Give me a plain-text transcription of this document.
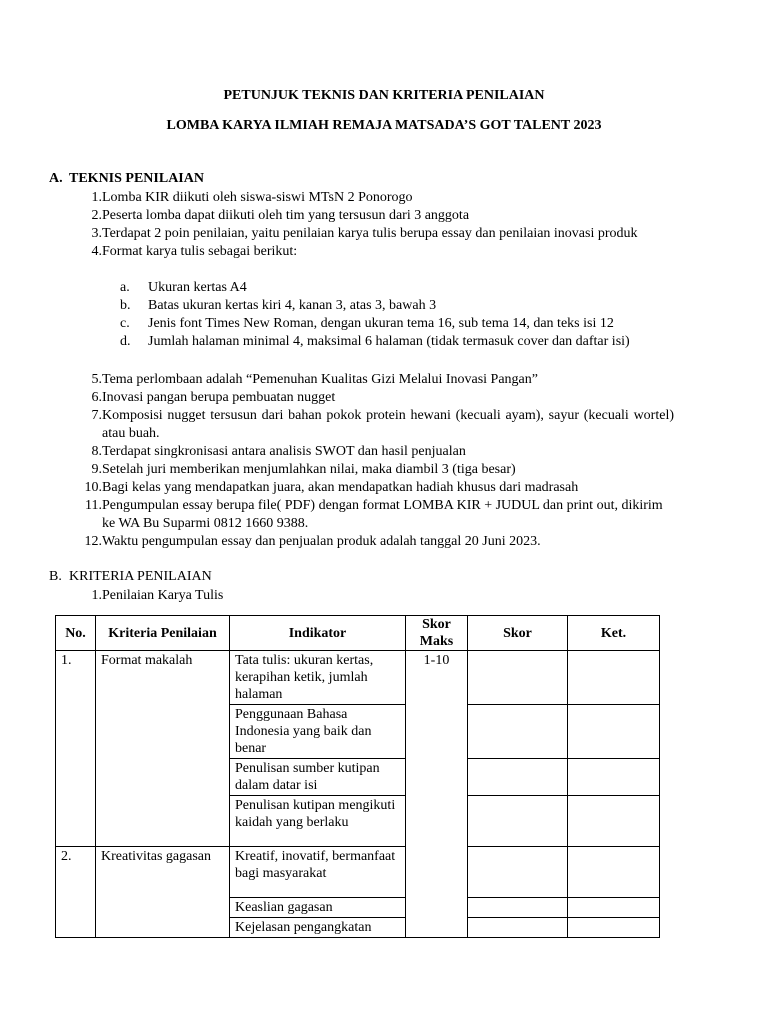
PETUNJUK TEKNIS DAN KRITERIA PENILAIAN
LOMBA KARYA ILMIAH REMAJA MATSADA’S GOT TALENT 2023
A. TEKNIS PENILAIAN
1. Lomba KIR diikuti oleh siswa-siswi MTsN 2 Ponorogo
2. Peserta lomba dapat diikuti oleh tim yang tersusun dari 3 anggota
3. Terdapat 2 poin penilaian, yaitu penilaian karya tulis berupa essay dan penilaian inovasi produk
4. Format karya tulis sebagai berikut:
a.	Ukuran kertas A4
b.	Batas ukuran kertas kiri 4, kanan 3, atas 3, bawah 3
c.	Jenis font Times New Roman, dengan ukuran tema 16, sub tema 14, dan teks isi 12
d.	Jumlah halaman minimal 4, maksimal 6 halaman (tidak termasuk cover dan daftar isi)
5. Tema perlombaan adalah “Pemenuhan Kualitas Gizi Melalui Inovasi Pangan”
6. Inovasi pangan berupa pembuatan nugget
7. Komposisi nugget tersusun dari bahan pokok protein hewani (kecuali ayam), sayur (kecuali wortel) atau buah.
8. Terdapat singkronisasi antara analisis SWOT dan hasil penjualan
9. Setelah juri memberikan menjumlahkan nilai, maka diambil 3 (tiga besar)
10. Bagi kelas yang mendapatkan juara, akan mendapatkan hadiah khusus dari madrasah
11. Pengumpulan essay berupa file( PDF) dengan format LOMBA KIR + JUDUL dan print out, dikirim ke WA Bu Suparmi 0812 1660 9388.
12. Waktu pengumpulan essay dan penjualan produk adalah tanggal 20 Juni 2023.
B. KRITERIA PENILAIAN
1. Penilaian Karya Tulis
No.	Kriteria Penilaian	Indikator	Skor Maks	Skor	Ket.
1.	Format makalah	Tata tulis: ukuran kertas, kerapihan ketik, jumlah halaman	1-10		
		Penggunaan Bahasa Indonesia yang baik dan benar			
		Penulisan sumber kutipan dalam datar isi			
		Penulisan kutipan mengikuti kaidah yang berlaku			
2.	Kreativitas gagasan	Kreatif, inovatif, bermanfaat bagi masyarakat			
		Keaslian gagasan			
		Kejelasan pengangkatan			
